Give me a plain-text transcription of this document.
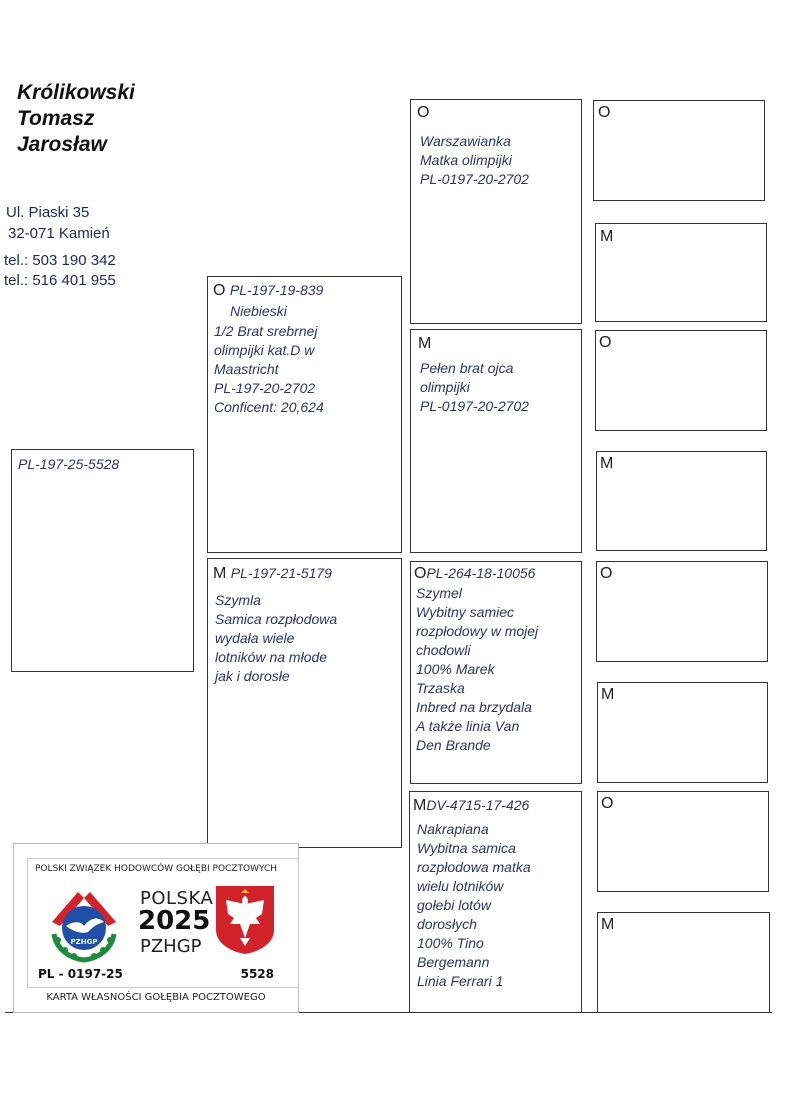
Królikowski
Tomasz
Jarosław
Ul. Piaski 35
32-071 Kamień
tel.: 503 190 342
tel.: 516 401 955
PL-197-25-5528
O PL-197-19-839
Niebieski
1/2 Brat srebrnej
olimpijki kat.D w
Maastricht
PL-197-20-2702
Conficent: 20,624
M PL-197-21-5179
Szymla
Samica rozpłodowa
wydała wiele
lotników na młode
jak i dorosłe
O
Warszawianka
Matka olimpijki
PL-0197-20-2702
M
Pełen brat ojca
olimpijki
PL-0197-20-2702
OPL-264-18-10056
Szymel
Wybitny samiec
rozpłodowy w mojej
chodowli
100% Marek
Trzaska
Inbred na brzydala
A także linia Van
Den Brande
MDV-4715-17-426
Nakrapiana
Wybitna samica
rozpłodowa matka
wielu lotników
gołebi lotów
dorosłych
100% Tino
Bergemann
Linia Ferrari 1
O
M
O
M
O
M
O
M
POLSKI ZWIĄZEK HODOWCÓW GOŁĘBI POCZTOWYCH
PZHGP
POLSKA
2025
PZHGP
PL - 0197-25	5528
KARTA WŁASNOŚCI GOŁĘBIA POCZTOWEGO
